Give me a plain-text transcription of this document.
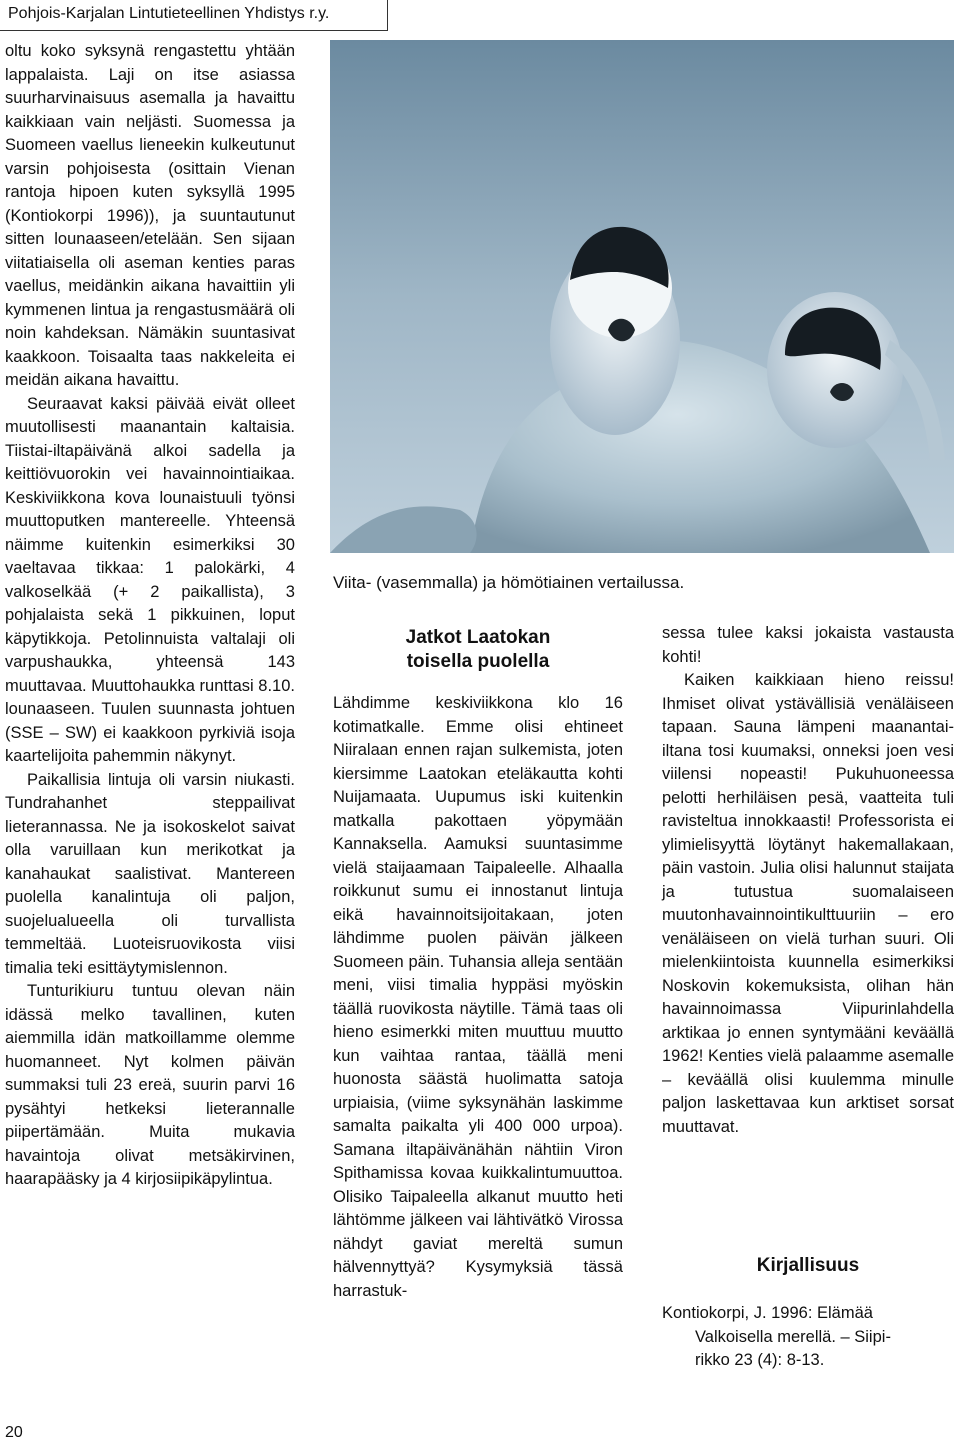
Pohjois-Karjalan Lintutieteellinen Yhdistys r.y.

oltu koko syksynä rengastettu yhtään lappalaista. Laji on itse asiassa suurharvinaisuus asemalla ja havaittu kaikkiaan vain neljästi. Suomessa ja Suomeen vaellus lieneekin kulkeutunut varsin pohjoisesta (osittain Vienan rantoja hipoen kuten syksyllä 1995 (Kontiokorpi 1996)), ja suuntautunut sitten lounaaseen/etelään. Sen sijaan viitatiaisella oli aseman kenties paras vaellus, meidänkin aikana havaittiin yli kymmenen lintua ja rengastusmäärä oli noin kahdeksan. Nämäkin suuntasivat kaakkoon. Toisaalta taas nakkeleita ei meidän aikana havaittu.

Seuraavat kaksi päivää eivät olleet muutollisesti maanantain kaltaisia. Tiistai-iltapäivänä alkoi sadella ja keittiövuorokin vei havainnointiaikaa. Keskiviikkona kova lounaistuuli työnsi muuttoputken mantereelle. Yhteensä näimme kuitenkin esimerkiksi 30 vaeltavaa tikkaa: 1 palokärki, 4 valkoselkää (+ 2 paikallista), 3 pohjalaista sekä 1 pikkuinen, loput käpytikkoja. Petolinnuista valtalaji oli varpushaukka, yhteensä 143 muuttavaa. Muuttohaukka runttasi 8.10. lounaaseen. Tuulen suunnasta johtuen (SSE – SW) ei kaakkoon pyrkiviä isoja kaartelijoita pahemmin näkynyt.

Paikallisia lintuja oli varsin niukasti. Tundrahanhet steppailivat lieterannassa. Ne ja isokoskelot saivat olla varuillaan kun merikotkat ja kanahaukat saalistivat. Mantereen puolella kanalintuja oli paljon, suojelualueella oli turvallista temmeltää. Luoteisruovikosta viisi timalia teki esittäytymislennon.

Tunturikiuru tuntuu olevan näin idässä melko tavallinen, kuten aiemmilla idän matkoillamme olemme huomanneet. Nyt kolmen päivän summaksi tuli 23 ereä, suurin parvi 16 pysähtyi hetkeksi lieterannalle piipertämään. Muita mukavia havaintoja olivat metsäkirvinen, haarapääsky ja 4 kirjosiipikäpylintua.

Viita- (vasemmalla) ja hömötiainen vertailussa.
Jatkot Laatokan
toisella puolella

Lähdimme keskiviikkona klo 16 kotimatkalle. Emme olisi ehtineet Niiralaan ennen rajan sulkemista, joten kiersimme Laatokan eteläkautta kohti Nuijamaata. Uupumus iski kuitenkin matkalla pakottaen yöpymään Kannaksella. Aamuksi suuntasimme vielä staijaamaan Taipaleelle. Alhaalla roikkunut sumu ei innostanut lintuja eikä havainnoitsijoitakaan, joten lähdimme puolen päivän jälkeen Suomeen päin. Tuhansia alleja sentään meni, viisi timalia hyppäsi myöskin täällä ruovikosta näytille. Tämä taas oli hieno esimerkki miten muuttuu muutto kun vaihtaa rantaa, täällä meni huonosta säästä huolimatta satoja urpiaisia, (viime syksynähän laskimme samalta paikalta yli 400 000 urpoa). Samana iltapäivänähän nähtiin Viron Spithamissa kovaa kuikkalintumuuttoa. Olisiko Taipaleella alkanut muutto heti lähtömme jälkeen vai lähtivätkö Virossa nähdyt gaviat mereltä sumun hälvennyttyä? Kysymyksiä tässä harrastuk-

sessa tulee kaksi jokaista vastausta kohti!

Kaiken kaikkiaan hieno reissu! Ihmiset olivat ystävällisiä venäläiseen tapaan. Sauna lämpeni maanantai-iltana tosi kuumaksi, onneksi joen vesi viilensi nopeasti! Pukuhuoneessa pelotti herhiläisen pesä, vaatteita tuli ravisteltua innokkaasti! Professorista ei ylimielisyyttä löytänyt hakemallakaan, päin vastoin. Julia olisi halunnut staijata ja tutustua suomalaiseen muutonhavainnointikulttuuriin – ero venäläiseen on vielä turhan suuri. Oli mielenkiintoista kuunnella esimerkiksi Noskovin kokemuksista, olihan hän havainnoimassa Viipurinlahdella arktikaa jo ennen syntymääni keväällä 1962! Kenties vielä palaamme asemalle – keväällä olisi kuulemma minulle paljon laskettavaa kun arktiset sorsat muuttavat.

Kirjallisuus
Kontiokorpi, J. 1996: Elämää

Valkoisella merellä. – Siipi-
rikko 23 (4): 8-13.
20
